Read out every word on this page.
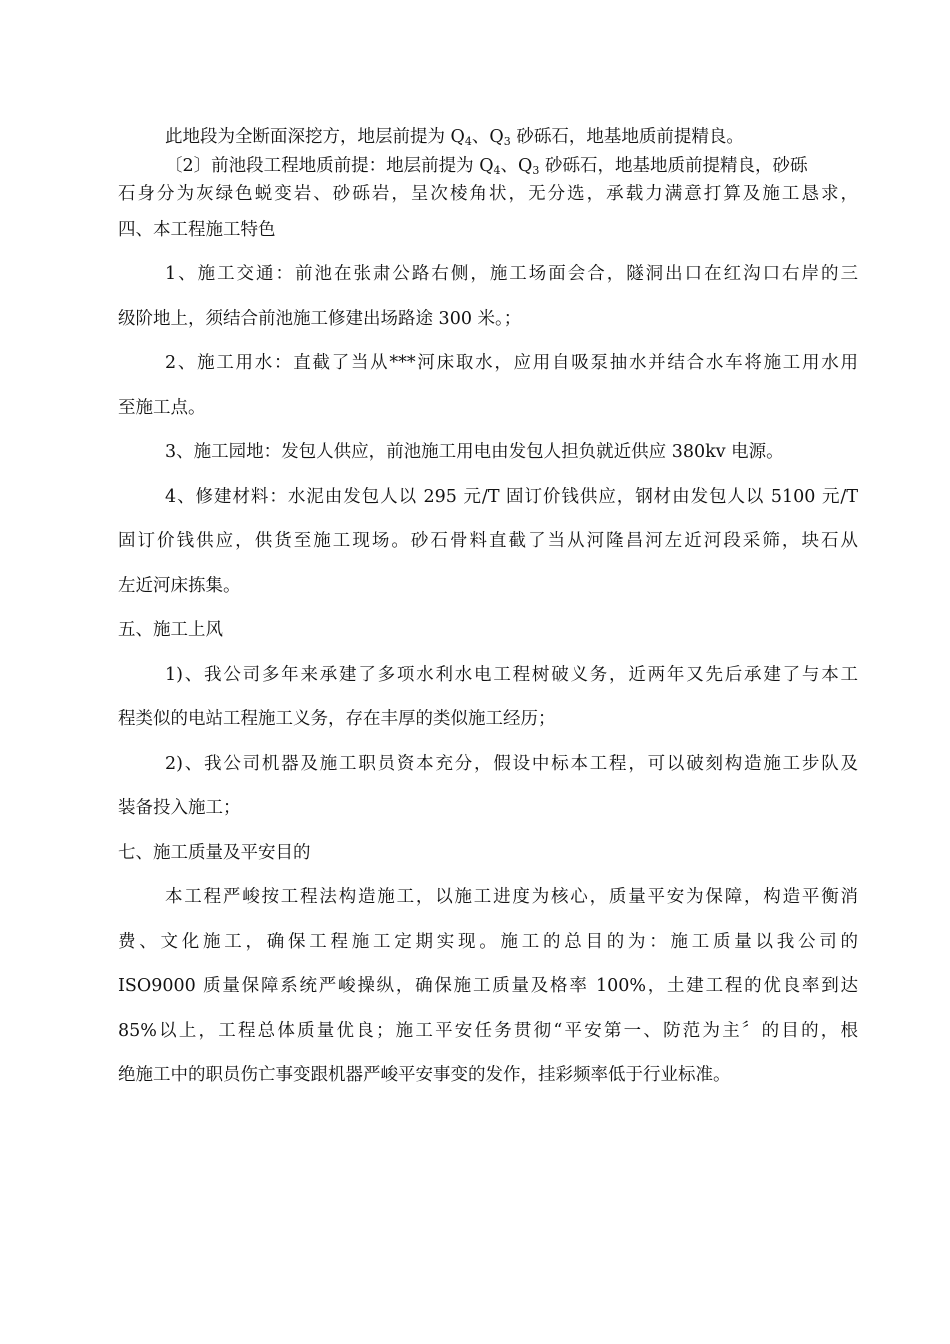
此地段为全断面深挖方，地层前提为 $Q_4$、$Q_3$ 砂砾石，地基地质前提精良。
〔2〕前池段工程地质前提：地层前提为 $Q_4$、$Q_3$ 砂砾石，地基地质前提精良，砂砾
石身分为灰绿色蜕变岩、砂砾岩，呈次棱角状，无分选，承载力满意打算及施工恳求，
四、本工程施工特色
1、施工交通：前池在张肃公路右侧，施工场面会合，隧洞出口在红沟口右岸的三
级阶地上，须结合前池施工修建出场路途 300 米。；
2、施工用水：直截了当从***河床取水，应用自吸泵抽水并结合水车将施工用水用
至施工点。
3、施工园地：发包人供应，前池施工用电由发包人担负就近供应 380kv 电源。
4、修建材料：水泥由发包人以 295 元/T 固订价钱供应，钢材由发包人以 5100 元/T
固订价钱供应，供货至施工现场。砂石骨料直截了当从河隆昌河左近河段采筛，块石从
左近河床拣集。
五、施工上风
1)、我公司多年来承建了多项水利水电工程树破义务，近两年又先后承建了与本工
程类似的电站工程施工义务，存在丰厚的类似施工经历；
2)、我公司机器及施工职员资本充分，假设中标本工程，可以破刻构造施工步队及
装备投入施工；
七、施工质量及平安目的
本工程严峻按工程法构造施工，以施工进度为核心，质量平安为保障，构造平衡消
费、文化施工，确保工程施工定期实现。施工的总目的为：施工质量以我公司的
ISO9000 质量保障系统严峻操纵，确保施工质量及格率 100%，土建工程的优良率到达
85%以上，工程总体质量优良；施工平安任务贯彻“平安第一、防范为主〞的目的，根
绝施工中的职员伤亡事变跟机器严峻平安事变的发作，挂彩频率低于行业标准。
